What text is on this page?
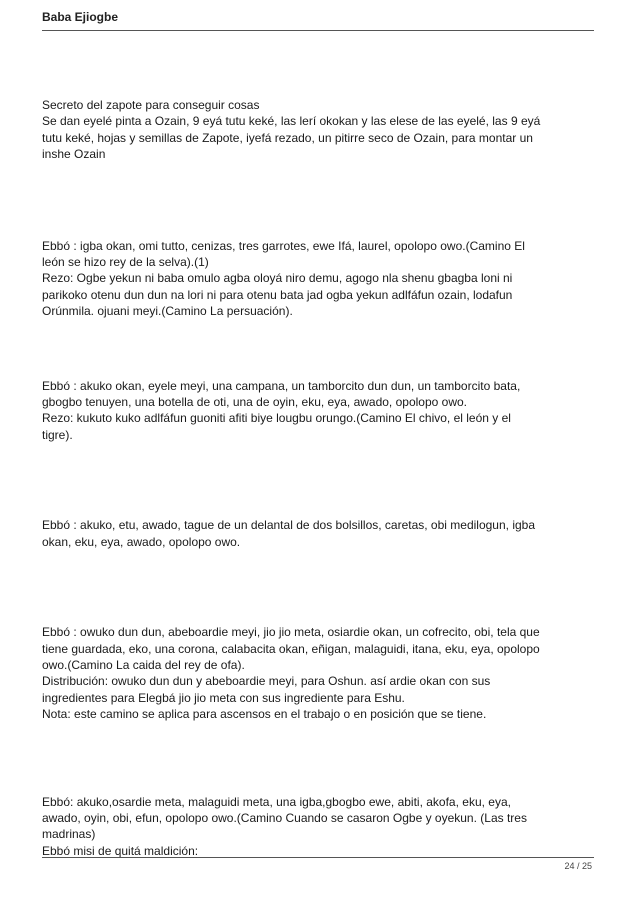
Baba Ejiogbe
Secreto del zapote para conseguir cosas
Se dan eyelé pinta a Ozain, 9 eyá tutu keké, las lerí okokan y las elese de las eyelé, las 9 eyá
tutu keké, hojas y semillas de Zapote, iyefá rezado, un pitirre seco de Ozain, para montar un
inshe Ozain
Ebbó : igba okan, omi tutto, cenizas, tres garrotes, ewe Ifá, laurel, opolopo owo.(Camino El
león se hizo rey de la selva).(1)
Rezo: Ogbe yekun ni baba omulo agba oloyá niro demu, agogo nla shenu gbagba loni ni
parikoko otenu dun dun na lori ni para otenu bata jad ogba yekun adlfáfun ozain, lodafun
Orúnmila. ojuani meyi.(Camino La persuación).
Ebbó : akuko okan, eyele meyi, una campana, un tamborcito dun dun, un tamborcito bata,
gbogbo tenuyen, una botella de oti, una de oyin, eku, eya, awado, opolopo owo.
Rezo: kukuto kuko adlfáfun guoniti afiti biye lougbu orungo.(Camino El chivo, el león y el
tigre).
Ebbó : akuko, etu, awado, tague de un delantal de dos bolsillos, caretas, obi medilogun, igba
okan, eku, eya, awado, opolopo owo.
Ebbó : owuko dun dun, abeboardie meyi, jio jio meta, osiardie okan, un cofrecito, obi, tela que
tiene guardada, eko, una corona, calabacita okan, eñigan, malaguidi, itana, eku, eya, opolopo
owo.(Camino La caida del rey de ofa).
Distribución: owuko dun dun y abeboardie meyi, para Oshun. así ardie okan con sus
ingredientes para Elegbá jio jio meta con sus ingrediente para Eshu.
Nota: este camino se aplica para ascensos en el trabajo o en posición que se tiene.
Ebbó: akuko,osardie meta, malaguidi meta, una igba,gbogbo ewe, abiti, akofa, eku, eya,
awado, oyin, obi, efun, opolopo owo.(Camino Cuando se casaron Ogbe y oyekun. (Las tres
madrinas)
Ebbó misi de quitá maldición:
24 / 25
